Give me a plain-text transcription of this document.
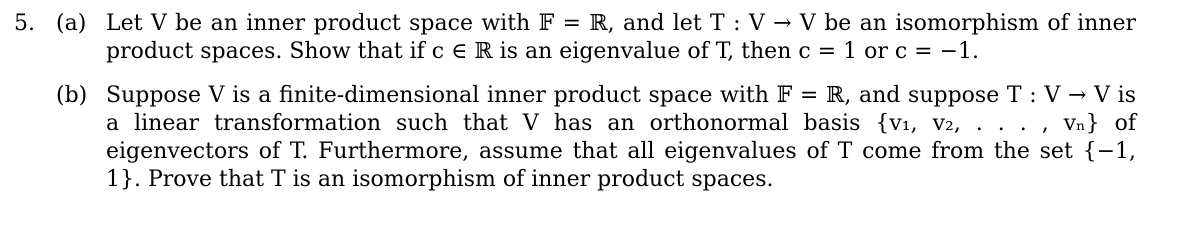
5. (a) Let V be an inner product space with 𝔽 = ℝ, and let T : V → V be an isomorphism of inner product spaces. Show that if c ∈ ℝ is an eigenvalue of T, then c = 1 or c = −1.
(b) Suppose V is a finite-dimensional inner product space with 𝔽 = ℝ, and suppose T : V → V is a linear transformation such that V has an orthonormal basis {v₁, v₂, . . . , vₙ} of eigenvectors of T. Furthermore, assume that all eigenvalues of T come from the set {−1, 1}. Prove that T is an isomorphism of inner product spaces.
